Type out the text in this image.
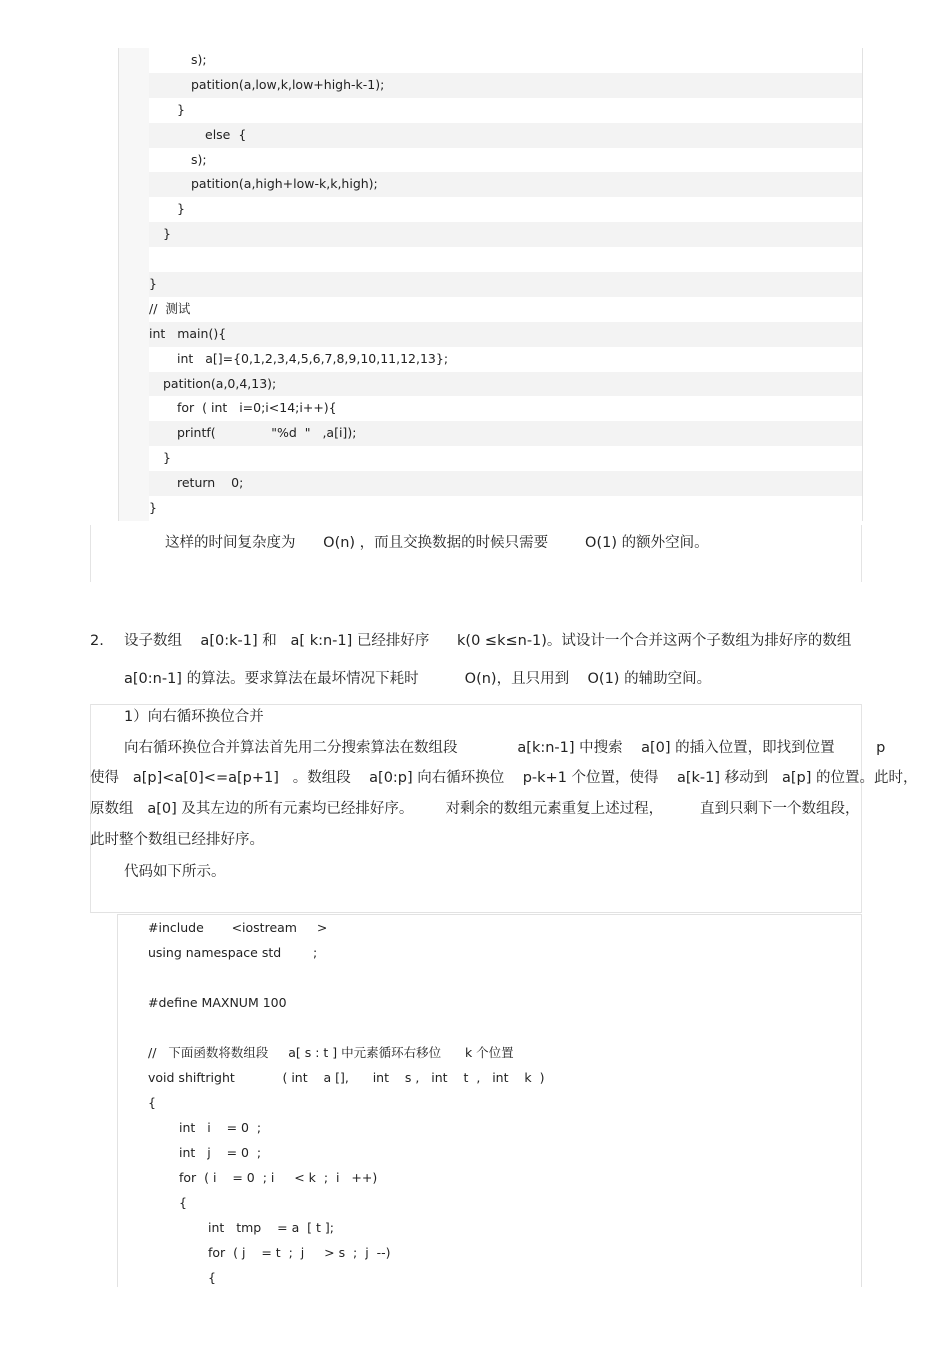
s);
patition(a,low,k,low+high-k-1);
}
else  {
s);
patition(a,high+low-k,k,high);
}
}
}
//  测试
int   main(){
int   a[]={0,1,2,3,4,5,6,7,8,9,10,11,12,13};
patition(a,0,4,13);
for  ( int   i=0;i<14;i++){
printf(              "%d  "   ,a[i]);
}
return    0;
}
这样的时间复杂度为      O(n) ，而且交换数据的时候只需要        O(1) 的额外空间。
2. 设子数组    a[0:k-1] 和   a[ k:n-1] 已经排好序      k(0 ≤k≤n-1)。试设计一个合并这两个子数组为排好序的数组
a[0:n-1] 的算法。要求算法在最坏情况下耗时          O(n)，且只用到    O(1) 的辅助空间。
1）向右循环换位合并
向右循环换位合并算法首先用二分搜索算法在数组段             a[k:n-1] 中搜索    a[0] 的插入位置，即找到位置         p
使得   a[p]<a[0]<=a[p+1]   。数组段    a[0:p] 向右循环换位    p-k+1 个位置，使得    a[k-1] 移动到   a[p] 的位置。此时，
原数组   a[0] 及其左边的所有元素均已经排好序。       对剩余的数组元素重复上述过程，        直到只剩下一个数组段，
此时整个数组已经排好序。
代码如下所示。
#include       <iostream     >
using namespace std        ;
#define MAXNUM 100
//   下面函数将数组段     a[ s : t ] 中元素循环右移位      k 个位置
void shiftright            ( int    a [],      int    s ,   int    t  ,   int    k  )
{
int   i    = 0  ;
int   j    = 0  ;
for  ( i    = 0  ; i     < k  ;  i   ++)
{
int   tmp    = a  [ t ];
for  ( j    = t  ;  j     > s  ;  j  --)
{
